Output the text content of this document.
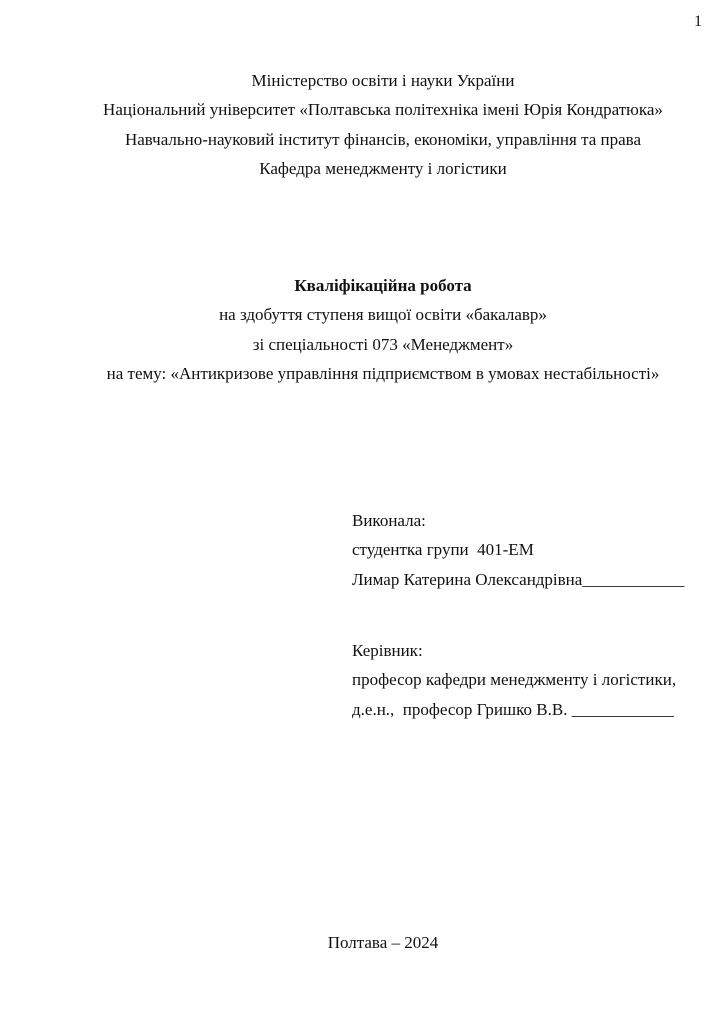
1
Міністерство освіти і науки України
Національний університет «Полтавська політехніка імені Юрія Кондратюка»
Навчально-науковий інститут фінансів, економіки, управління та права
Кафедра менеджменту і логістики
Кваліфікаційна робота
на здобуття ступеня вищої освіти «бакалавр»
зі спеціальності 073 «Менеджмент»
на тему: «Антикризове управління підприємством в умовах нестабільності»
Виконала:
студентка групи  401-ЕМ
Лимар Катерина Олександрівна____________
Керівник:
професор кафедри менеджменту і логістики,
д.е.н.,  професор Гришко В.В. ____________
Полтава – 2024
